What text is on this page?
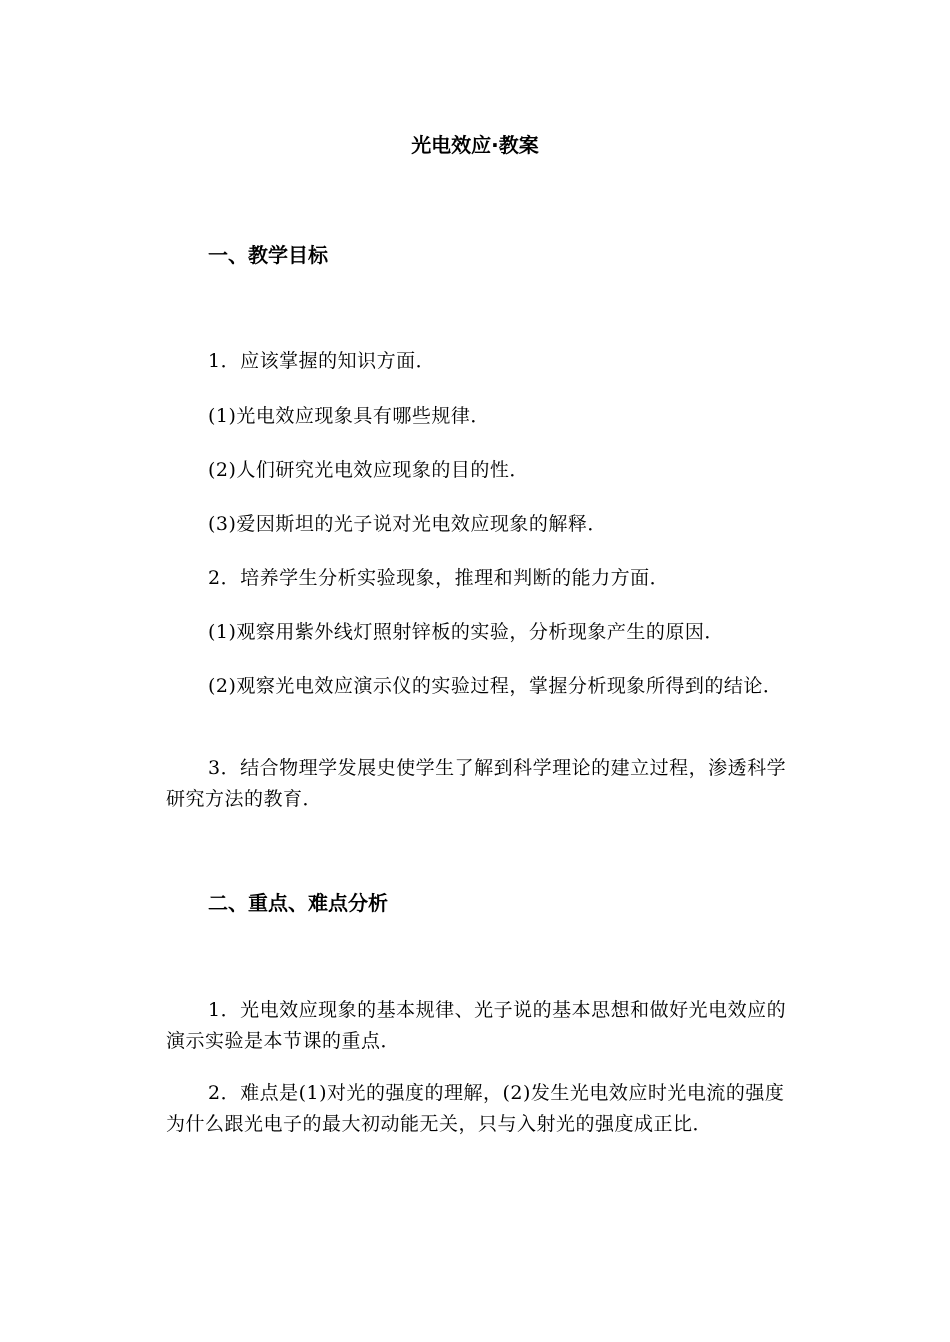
光电效应·教案
一、教学目标
1．应该掌握的知识方面．
(1)光电效应现象具有哪些规律．
(2)人们研究光电效应现象的目的性．
(3)爱因斯坦的光子说对光电效应现象的解释．
2．培养学生分析实验现象，推理和判断的能力方面．
(1)观察用紫外线灯照射锌板的实验，分析现象产生的原因．
(2)观察光电效应演示仪的实验过程，掌握分析现象所得到的结论．
3．结合物理学发展史使学生了解到科学理论的建立过程，渗透科学研究方法的教育．
二、重点、难点分析
1．光电效应现象的基本规律、光子说的基本思想和做好光电效应的演示实验是本节课的重点．
2．难点是(1)对光的强度的理解，(2)发生光电效应时光电流的强度为什么跟光电子的最大初动能无关，只与入射光的强度成正比．
